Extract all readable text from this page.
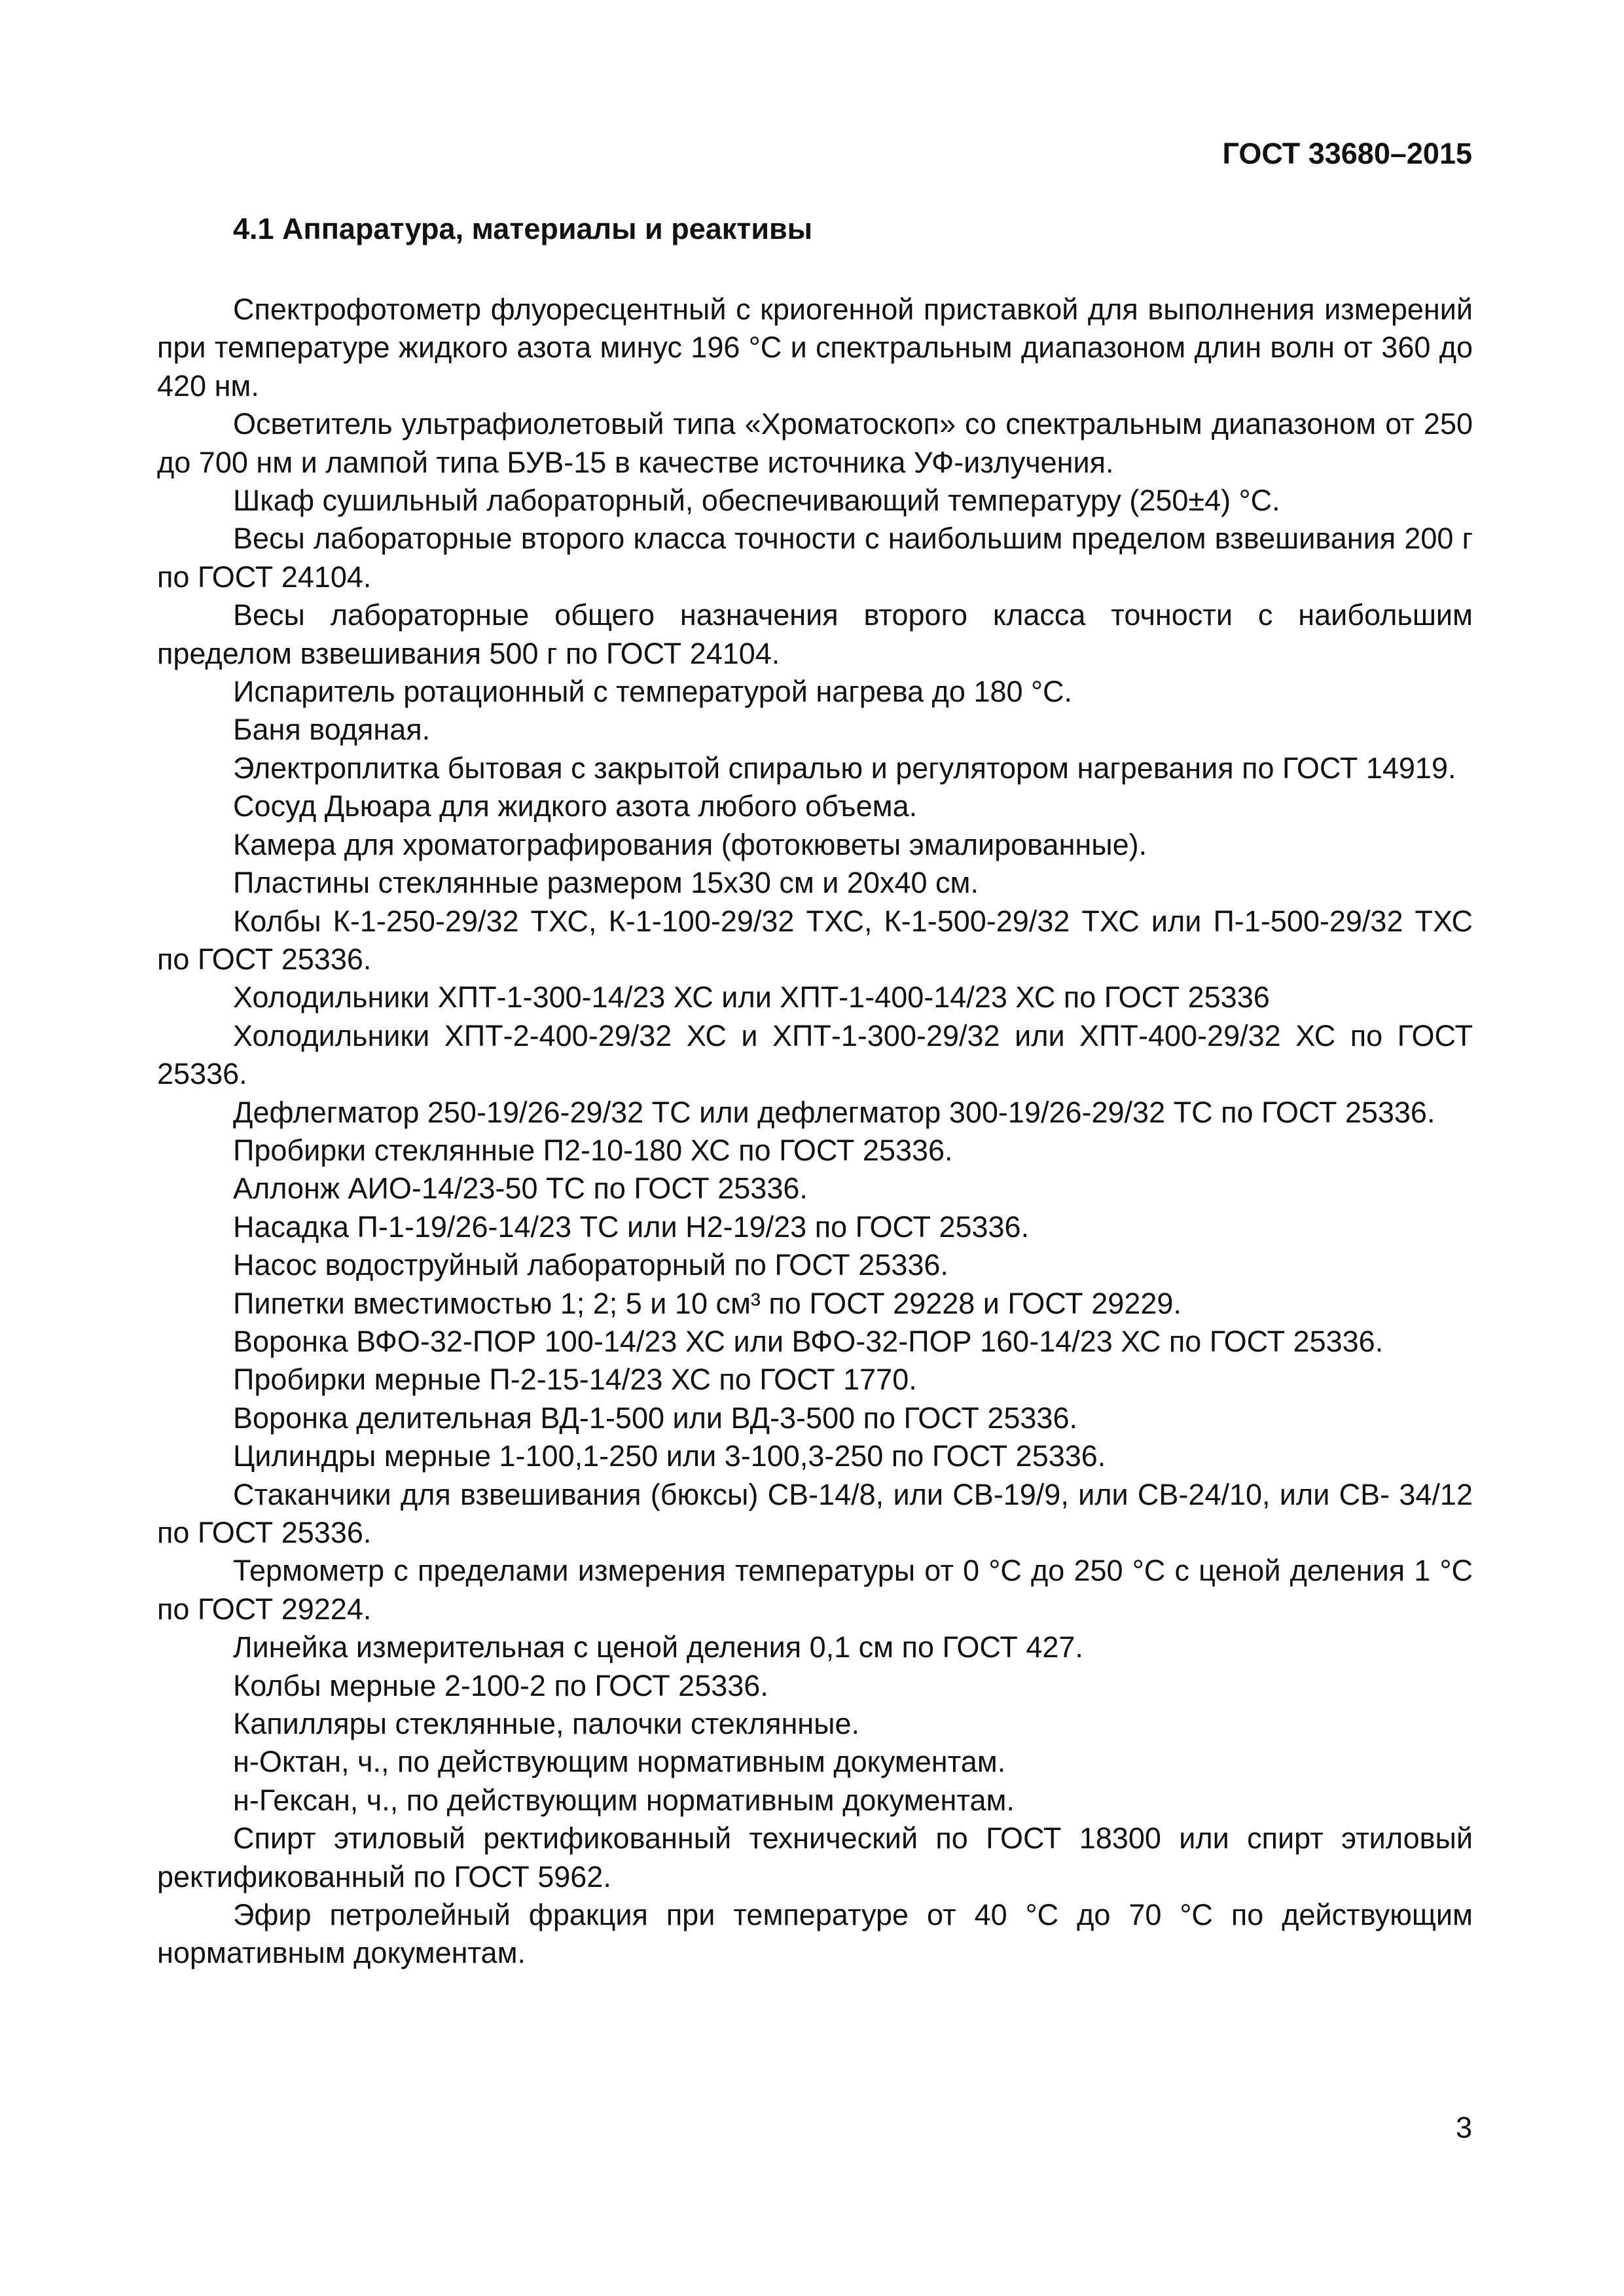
ГОСТ 33680–2015
4.1 Аппаратура, материалы и реактивы

Спектрофотометр флуоресцентный с криогенной приставкой для выполнения измерений при температуре жидкого азота минус 196 °С и спектральным диапазоном длин волн от 360 до 420 нм.

Осветитель ультрафиолетовый типа «Хроматоскоп» со спектральным диапазоном от 250 до 700 нм и лампой типа БУВ-15 в качестве источника УФ-излучения.

Шкаф сушильный лабораторный, обеспечивающий температуру (250±4) °С.

Весы лабораторные второго класса точности с наибольшим пределом взвешивания 200 г по ГОСТ 24104.

Весы лабораторные общего назначения второго класса точности с наибольшим пределом взвешивания 500 г по ГОСТ 24104.

Испаритель ротационный с температурой нагрева до 180 °С.

Баня водяная.

Электроплитка бытовая с закрытой спиралью и регулятором нагревания по ГОСТ 14919.

Сосуд Дьюара для жидкого азота любого объема.

Камера для хроматографирования (фотокюветы эмалированные).

Пластины стеклянные размером 15х30 см и 20х40 см.

Колбы К-1-250-29/32 ТХС, К-1-100-29/32 ТХС, К-1-500-29/32 ТХС или П-1-500-29/32 ТХС по ГОСТ 25336.

Холодильники ХПТ-1-300-14/23 ХС или ХПТ-1-400-14/23 ХС по ГОСТ 25336

Холодильники ХПТ-2-400-29/32 ХС и ХПТ-1-300-29/32 или ХПТ-400-29/32 ХС по ГОСТ 25336.

Дефлегматор 250-19/26-29/32 ТС или дефлегматор 300-19/26-29/32 ТС по ГОСТ 25336.

Пробирки стеклянные П2-10-180 ХС по ГОСТ 25336.

Аллонж АИО-14/23-50 ТС по ГОСТ 25336.

Насадка П-1-19/26-14/23 ТС или Н2-19/23 по ГОСТ 25336.

Насос водоструйный лабораторный по ГОСТ 25336.

Пипетки вместимостью 1; 2; 5 и 10 см³ по ГОСТ 29228 и ГОСТ 29229.

Воронка ВФО-32-ПОР 100-14/23 ХС или ВФО-32-ПОР 160-14/23 ХС по ГОСТ 25336.

Пробирки мерные П-2-15-14/23 ХС по ГОСТ 1770.

Воронка делительная ВД-1-500 или ВД-3-500 по ГОСТ 25336.

Цилиндры мерные 1-100,1-250 или 3-100,3-250 по ГОСТ 25336.

Стаканчики для взвешивания (бюксы) СВ-14/8, или СВ-19/9, или СВ-24/10, или СВ- 34/12 по ГОСТ 25336.

Термометр с пределами измерения температуры от 0 °С до 250 °С с ценой деления 1 °С по ГОСТ 29224.

Линейка измерительная с ценой деления 0,1 см по ГОСТ 427.

Колбы мерные 2-100-2 по ГОСТ 25336.

Капилляры стеклянные, палочки стеклянные.

н-Октан, ч., по действующим нормативным документам.

н-Гексан, ч., по действующим нормативным документам.

Спирт этиловый ректификованный технический по ГОСТ 18300 или спирт этиловый ректификованный по ГОСТ 5962.

Эфир петролейный фракция при температуре от 40 °С до 70 °С по действующим нормативным документам.

3
